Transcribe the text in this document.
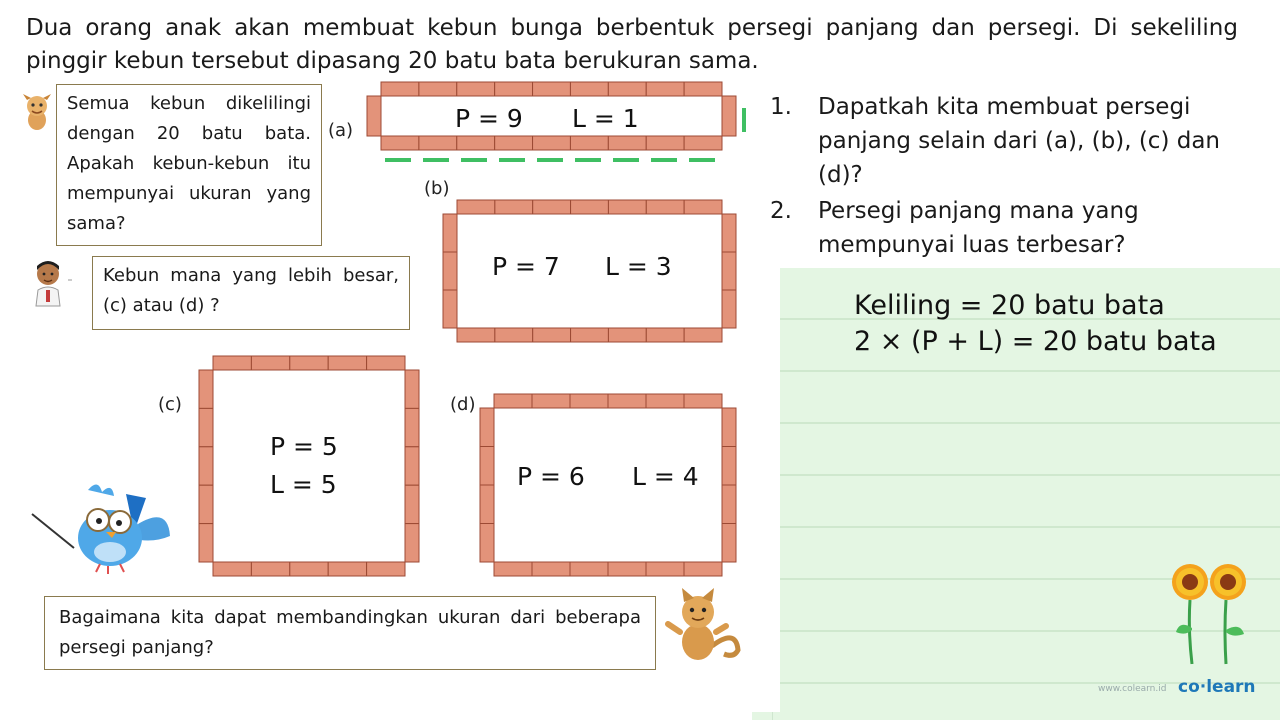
Dua orang anak akan membuat kebun bunga berbentuk persegi panjang dan persegi. Di sekeliling pinggir kebun tersebut dipasang 20 batu bata berukuran sama.
Semua kebun dikelilingi dengan 20 batu bata. Apakah kebun-kebun itu mempunyai ukuran yang sama?
Kebun mana yang lebih besar, (c) atau (d) ?
Bagaimana kita dapat membandingkan ukuran dari beberapa persegi panjang?
(a)	P = 9 L = 1
(b)
P = 7 L = 3
(c)
P = 5
L = 5
(d)
P = 6 L = 4
1. Dapatkah kita membuat persegi panjang selain dari (a), (b), (c) dan (d)?
2. Persegi panjang mana yang mempunyai luas terbesar?
Keliling = 20 batu bata
2 × (P + L) = 20 batu bata
www.colearn.id co·learn
